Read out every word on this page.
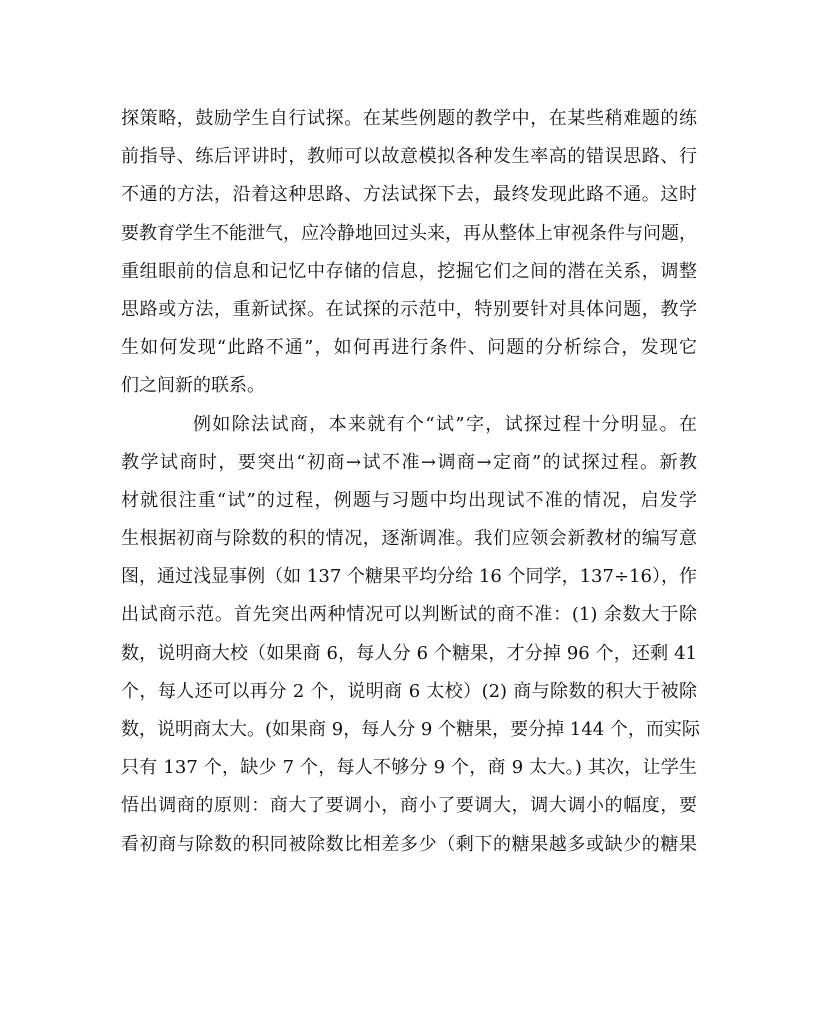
探策略，鼓励学生自行试探。在某些例题的教学中，在某些稍难题的练
前指导、练后评讲时，教师可以故意模拟各种发生率高的错误思路、行
不通的方法，沿着这种思路、方法试探下去，最终发现此路不通。这时
要教育学生不能泄气，应冷静地回过头来，再从整体上审视条件与问题，
重组眼前的信息和记忆中存储的信息，挖掘它们之间的潜在关系，调整
思路或方法，重新试探。在试探的示范中，特别要针对具体问题，教学
生如何发现“此路不通”，如何再进行条件、问题的分析综合，发现它
们之间新的联系。
例如除法试商，本来就有个“试”字，试探过程十分明显。在
教学试商时，要突出“初商→试不准→调商→定商”的试探过程。新教
材就很注重“试”的过程，例题与习题中均出现试不准的情况，启发学
生根据初商与除数的积的情况，逐渐调准。我们应领会新教材的编写意
图，通过浅显事例（如 137 个糖果平均分给 16 个同学，137÷16），作
出试商示范。首先突出两种情况可以判断试的商不准：(1) 余数大于除
数，说明商大校（如果商 6，每人分 6 个糖果，才分掉 96 个，还剩 41
个，每人还可以再分 2 个，说明商 6 太校）(2) 商与除数的积大于被除
数，说明商太大。(如果商 9，每人分 9 个糖果，要分掉 144 个，而实际
只有 137 个，缺少 7 个，每人不够分 9 个，商 9 太大。) 其次，让学生
悟出调商的原则：商大了要调小，商小了要调大，调大调小的幅度，要
看初商与除数的积同被除数比相差多少（剩下的糖果越多或缺少的糖果
